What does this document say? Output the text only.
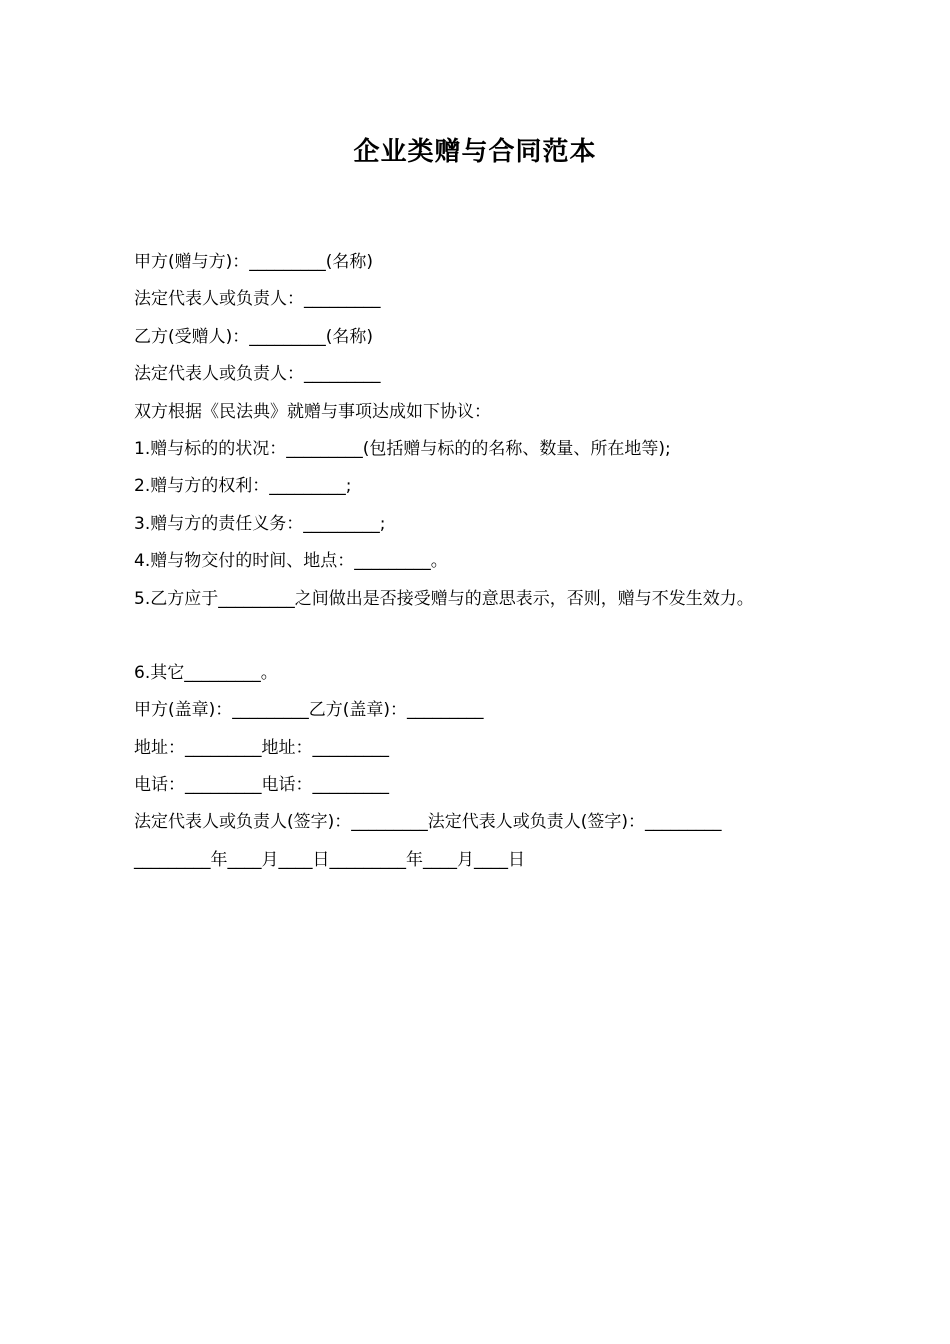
企业类赠与合同范本
甲方(赠与方)：_________(名称)
法定代表人或负责人：_________
乙方(受赠人)：_________(名称)
法定代表人或负责人：_________
双方根据《民法典》就赠与事项达成如下协议：
1.赠与标的的状况：_________(包括赠与标的的名称、数量、所在地等);
2.赠与方的权利：_________;
3.赠与方的责任义务：_________;
4.赠与物交付的时间、地点：_________。
5.乙方应于_________之间做出是否接受赠与的意思表示，否则，赠与不发生效力。
6.其它_________。
甲方(盖章)：_________乙方(盖章)：_________
地址：_________地址：_________
电话：_________电话：_________
法定代表人或负责人(签字)：_________法定代表人或负责人(签字)：_________
_________年____月____日_________年____月____日
